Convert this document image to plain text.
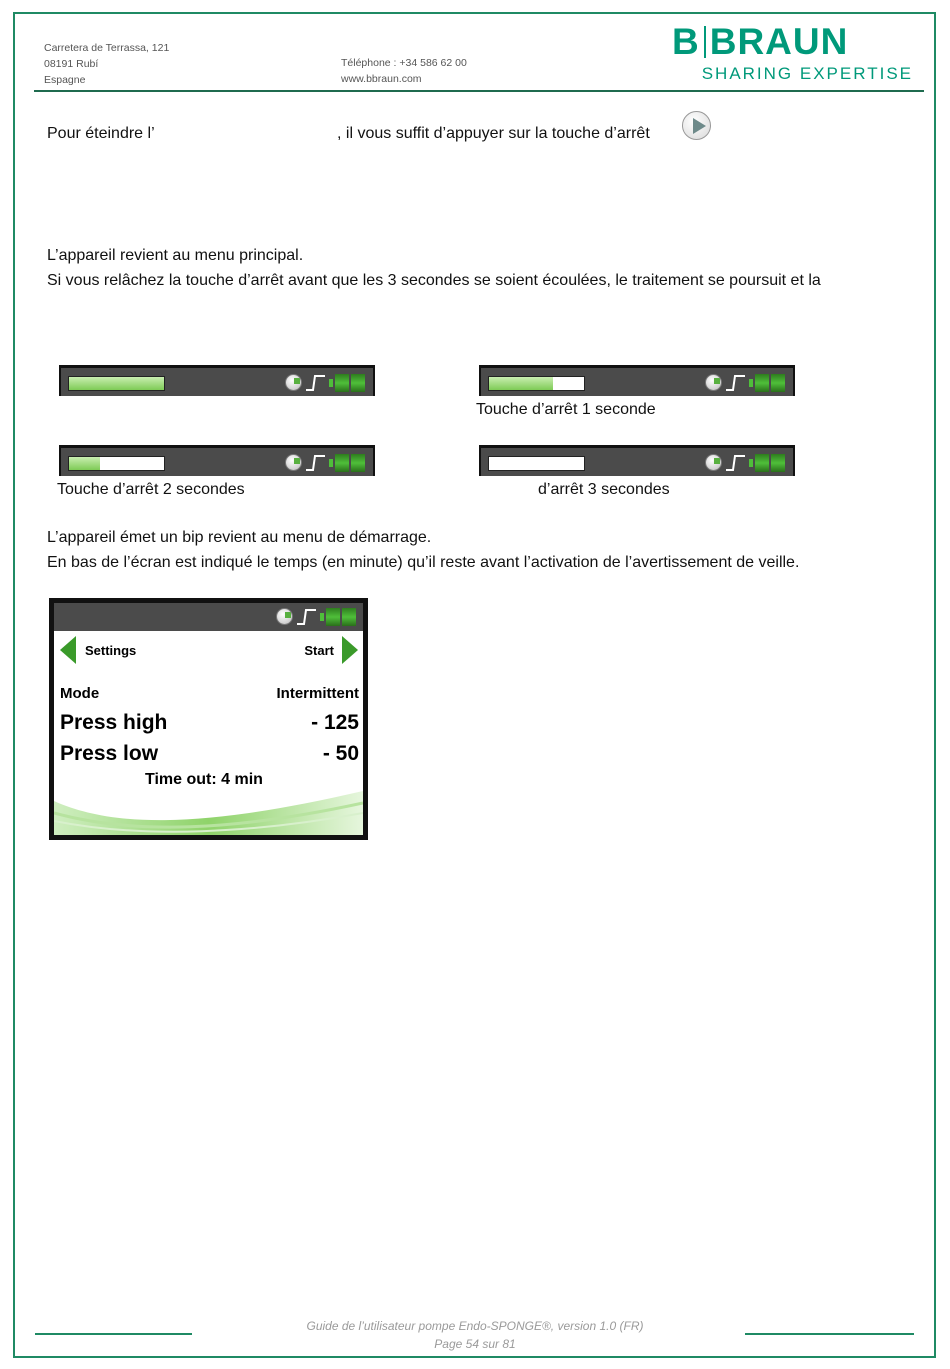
Carretera de Terrassa, 121
08191 Rubí
Espagne
Téléphone : +34 586 62 00
www.bbraun.com
B BRAUN
SHARING EXPERTISE
Pour éteindre l’	, il vous suffit d’appuyer sur la touche d’arrêt
L’appareil revient au menu principal.
Si vous relâchez la touche d’arrêt avant que les 3 secondes se soient écoulées, le traitement se poursuit et la
Touche d’arrêt 1 seconde
Touche d’arrêt 2 secondes	d’arrêt 3 secondes
L’appareil émet un bip revient au menu de démarrage.
En bas de l’écran est indiqué le temps (en minute) qu’il reste avant l’activation de l’avertissement de veille.
Settings	Start
Mode	Intermittent
Press high	- 125
Press low	- 50
Time out: 4 min
Guide de l’utilisateur pompe Endo-SPONGE®, version 1.0 (FR)
Page 54 sur 81
